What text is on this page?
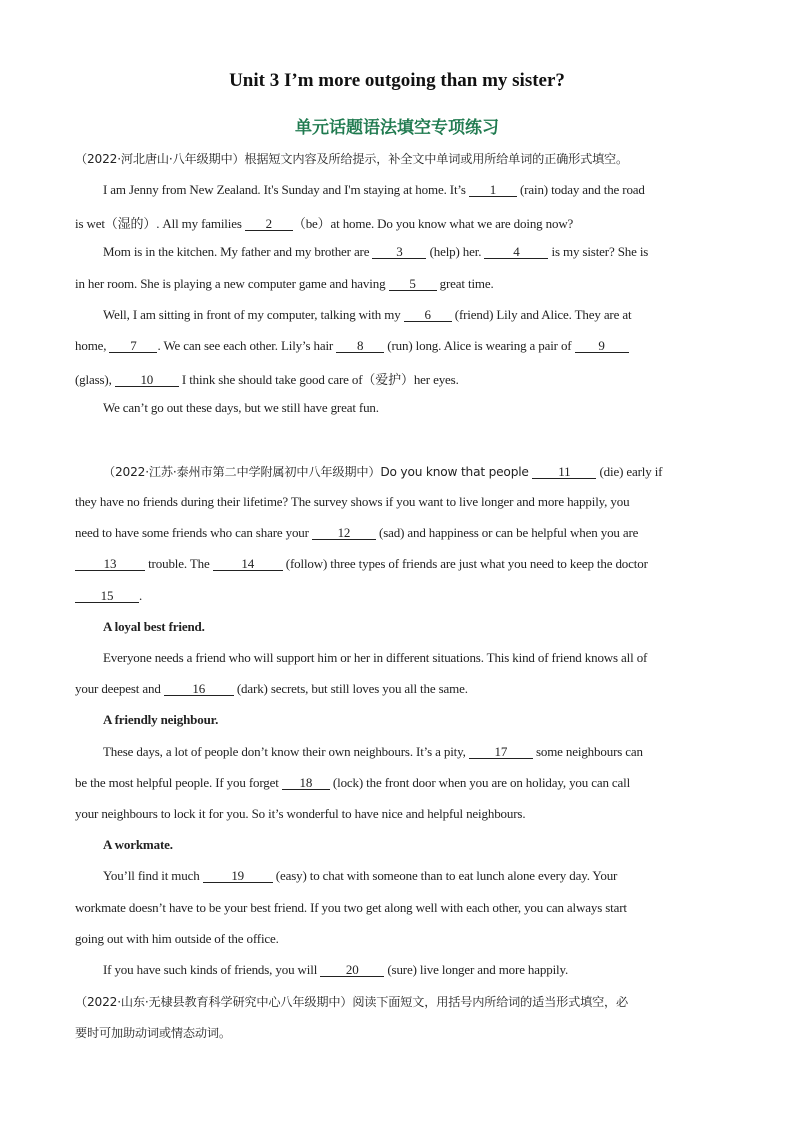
Unit 3 I’m more outgoing than my sister?
单元话题语法填空专项练习
（2022·河北唐山·八年级期中）根据短文内容及所给提示，补全文中单词或用所给单词的正确形式填空。
I am Jenny from New Zealand. It's Sunday and I'm staying at home. It’s 1 (rain) today and the road
is wet（湿的）. All my families 2 （be）at home. Do you know what we are doing now?
Mom is in the kitchen. My father and my brother are 3 (help) her. 4 is my sister? She is
in her room. She is playing a new computer game and having 5 great time.
Well, I am sitting in front of my computer, talking with my 6 (friend) Lily and Alice. They are at
home, 7 . We can see each other. Lily’s hair 8 (run) long. Alice is wearing a pair of 9
(glass), 10 I think she should take good care of（爱护）her eyes.
We can’t go out these days, but we still have great fun.
（2022·江苏·泰州市第二中学附属初中八年级期中）Do you know that people 11 (die) early if
they have no friends during their lifetime? The survey shows if you want to live longer and more happily, you
need to have some friends who can share your 12 (sad) and happiness or can be helpful when you are
13 trouble. The 14 (follow) three types of friends are just what you need to keep the doctor
15 .
A loyal best friend.
Everyone needs a friend who will support him or her in different situations. This kind of friend knows all of
your deepest and 16 (dark) secrets, but still loves you all the same.
A friendly neighbour.
These days, a lot of people don’t know their own neighbours. It’s a pity, 17 some neighbours can
be the most helpful people. If you forget 18 (lock) the front door when you are on holiday, you can call
your neighbours to lock it for you. So it’s wonderful to have nice and helpful neighbours.
A workmate.
You’ll find it much 19 (easy) to chat with someone than to eat lunch alone every day. Your
workmate doesn’t have to be your best friend. If you two get along well with each other, you can always start
going out with him outside of the office.
If you have such kinds of friends, you will 20 (sure) live longer and more happily.
（2022·山东·无棣县教育科学研究中心八年级期中）阅读下面短文，用括号内所给词的适当形式填空，必
要时可加助动词或情态动词。
